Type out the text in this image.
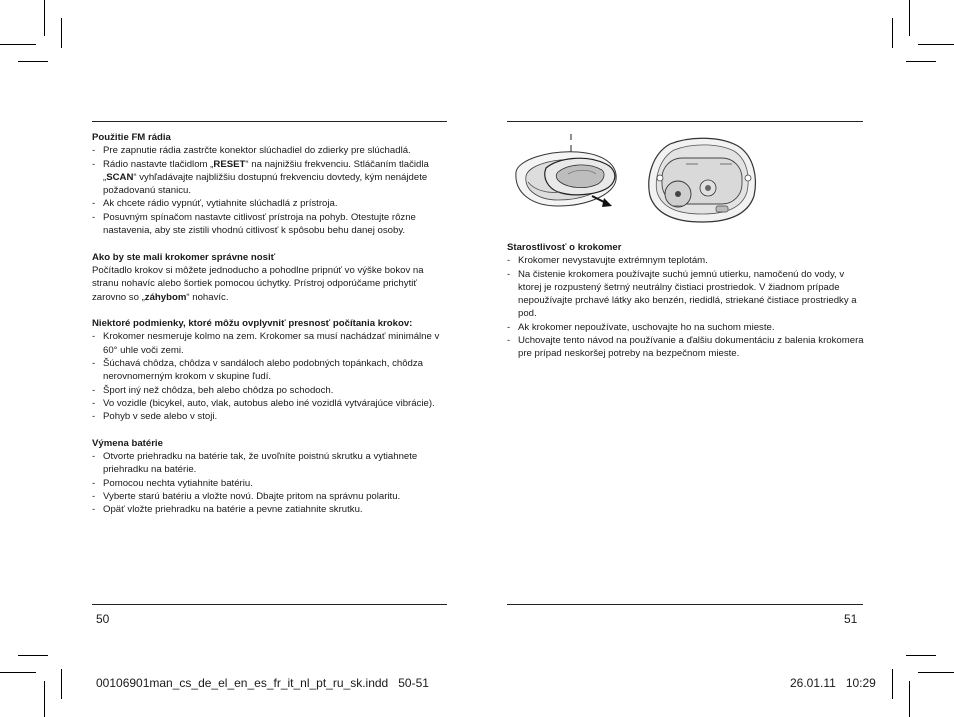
Použitie FM rádia
- Pre zapnutie rádia zastrčte konektor slúchadiel do zdierky pre slúchadlá.
- Rádio nastavte tlačidlom „RESET“ na najnižšiu frekvenciu. Stláčaním tlačidla „SCAN“ vyhľadávajte najbližšiu dostupnú frekvenciu dovtedy, kým nenájdete požadovanú stanicu.
- Ak chcete rádio vypnúť, vytiahnite slúchadlá z prístroja.
- Posuvným spínačom nastavte citlivosť prístroja na pohyb. Otestujte rôzne nastavenia, aby ste zistili vhodnú citlivosť k spôsobu behu danej osoby.
Ako by ste mali krokomer správne nosiť

Počítadlo krokov si môžete jednoducho a pohodlne pripnúť vo výške bokov na stranu nohavíc alebo šortiek pomocou úchytky. Prístroj odporúčame prichytiť zarovno so „záhybom“ nohavíc.

Niektoré podmienky, ktoré môžu ovplyvniť presnosť počítania krokov:
- Krokomer nesmeruje kolmo na zem. Krokomer sa musí nachádzať minimálne v 60° uhle voči zemi.
- Šúchavá chôdza, chôdza v sandáloch alebo podobných topánkach, chôdza nerovnomerným krokom v skupine ľudí.
- Šport iný než chôdza, beh alebo chôdza po schodoch.
- Vo vozidle (bicykel, auto, vlak, autobus alebo iné vozidlá vytvárajúce vibrácie).
- Pohyb v sede alebo v stoji.
Výmena batérie
- Otvorte priehradku na batérie tak, že uvoľníte poistnú skrutku a vytiahnete priehradku na batérie.
- Pomocou nechta vytiahnite batériu.
- Vyberte starú batériu a vložte novú. Dbajte pritom na správnu polaritu.
- Opäť vložte priehradku na batérie a pevne zatiahnite skrutku.
OPEN
Starostlivosť o krokomer
- Krokomer nevystavujte extrémnym teplotám.
- Na čistenie krokomera používajte suchú jemnú utierku, namočenú do vody, v ktorej je rozpustený šetrný neutrálny čistiaci prostriedok. V žiadnom prípade nepoužívajte prchavé látky ako benzén, riedidlá, striekané čistiace prostriedky a pod.
- Ak krokomer nepoužívate, uschovajte ho na suchom mieste.
- Uchovajte tento návod na používanie a ďalšiu dokumentáciu z balenia krokomera pre prípad neskoršej potreby na bezpečnom mieste.
50	51
00106901man_cs_de_el_en_es_fr_it_nl_pt_ru_sk.indd   50-51	26.01.11   10:29
